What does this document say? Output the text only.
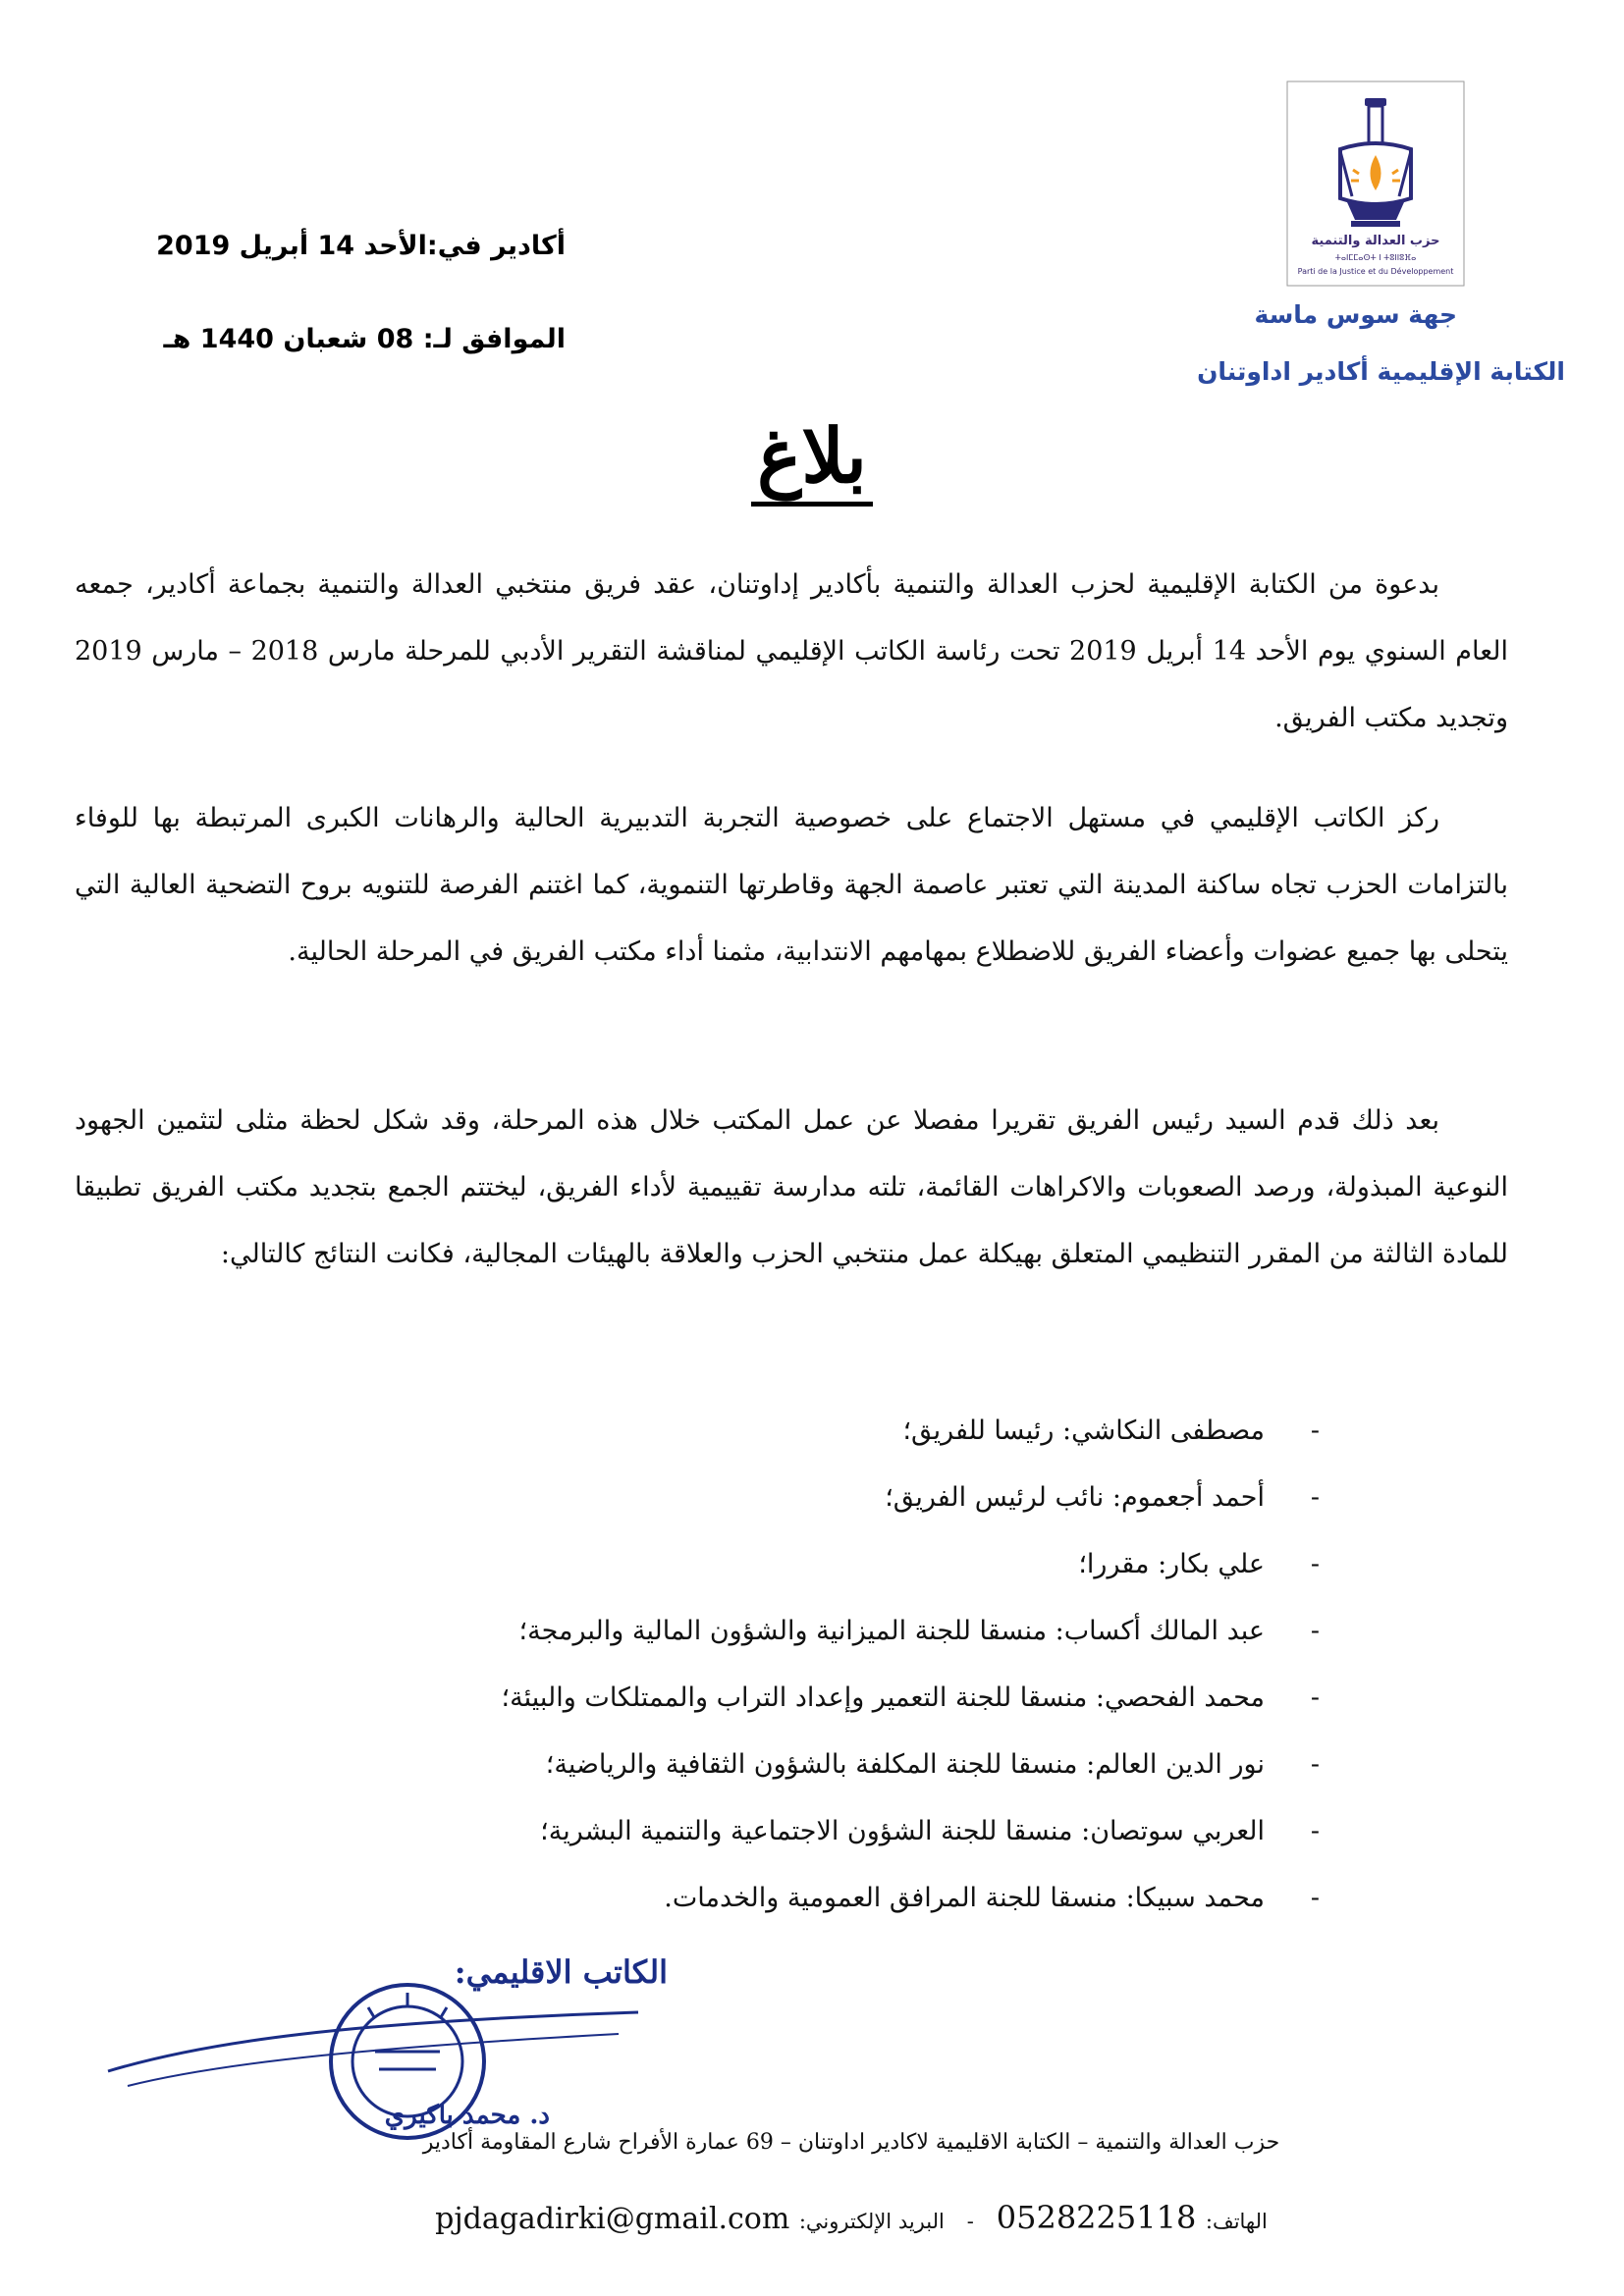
حزب العدالة والتنمية
ⵜⴰⵏⵎⵎⴰⵙⵜ ⵏ ⵜⵓⵏⵏⵓⴼⴰ
Parti de la Justice et du Développement
جهة سوس ماسة
الكتابة الإقليمية أكادير اداوتنان
أكادير في:الأحد 14 أبريل 2019
الموافق لـ: 08 شعبان 1440 هـ
بلاغ

بدعوة من الكتابة الإقليمية لحزب العدالة والتنمية بأكادير إداوتنان، عقد فريق منتخبي العدالة والتنمية بجماعة أكادير، جمعه العام السنوي يوم الأحد 14 أبريل 2019 تحت رئاسة الكاتب الإقليمي لمناقشة التقرير الأدبي للمرحلة مارس 2018 – مارس 2019 وتجديد مكتب الفريق.

ركز الكاتب الإقليمي في مستهل الاجتماع على خصوصية التجربة التدبيرية الحالية والرهانات الكبرى المرتبطة بها للوفاء بالتزامات الحزب تجاه ساكنة المدينة التي تعتبر عاصمة الجهة وقاطرتها التنموية، كما اغتنم الفرصة للتنويه بروح التضحية العالية التي يتحلى بها جميع عضوات وأعضاء الفريق للاضطلاع بمهامهم الانتدابية، مثمنا أداء مكتب الفريق في المرحلة الحالية.

بعد ذلك قدم السيد رئيس الفريق تقريرا مفصلا عن عمل المكتب خلال هذه المرحلة، وقد شكل لحظة مثلى لتثمين الجهود النوعية المبذولة، ورصد الصعوبات والاكراهات القائمة، تلته مدارسة تقييمية لأداء الفريق، ليختتم الجمع بتجديد مكتب الفريق تطبيقا للمادة الثالثة من المقرر التنظيمي المتعلق بهيكلة عمل منتخبي الحزب والعلاقة بالهيئات المجالية، فكانت النتائج كالتالي:

-مصطفى النكاشي: رئيسا للفريق؛
-أحمد أجعموم: نائب لرئيس الفريق؛
-علي بكار: مقررا؛
-عبد المالك أكساب: منسقا للجنة الميزانية والشؤون المالية والبرمجة؛
-محمد الفحصي: منسقا للجنة التعمير وإعداد التراب والممتلكات والبيئة؛
-نور الدين العالم: منسقا للجنة المكلفة بالشؤون الثقافية والرياضية؛
-العربي سوتصان: منسقا للجنة الشؤون الاجتماعية والتنمية البشرية؛
-محمد سبيكا: منسقا للجنة المرافق العمومية والخدمات.
الكاتب الاقليمي:
د. محمد باكيري
حزب العدالة والتنمية – الكتابة الاقليمية لاكادير اداوتنان – 69 عمارة الأفراح شارع المقاومة أكادير
الهاتف: 0528225118   -   البريد الإلكتروني: pjdagadirki@gmail.com
